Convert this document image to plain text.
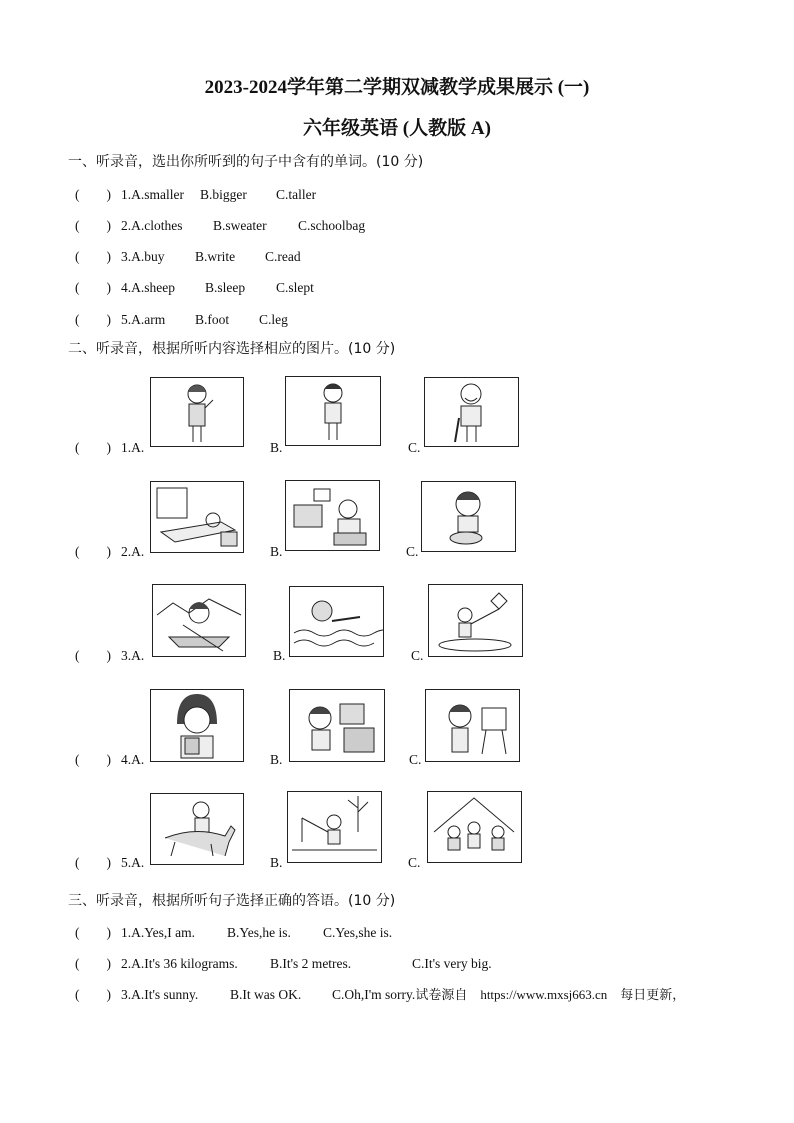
2023-2024学年第二学期双减教学成果展示 (一)
六年级英语 (人教版 A)
一、听录音，选出你所听到的句子中含有的单词。(10 分)
(　　) 1.A.smaller B.bigger C.taller
(　　) 2.A.clothes B.sweater C.schoolbag
(　　) 3.A.buy B.write C.read
(　　) 4.A.sheep B.sleep C.slept
(　　) 5.A.arm B.foot C.leg
二、听录音，根据所听内容选择相应的图片。(10 分)
(　　) 1.A.	B.	C.
(　　) 2.A.	B.	C.
(　　) 3.A.	B.	C.
(　　) 4.A.	B.	C.
(　　) 5.A.	B.	C.
三、听录音，根据所听句子选择正确的答语。(10 分)
(　　) 1.A.Yes,I am. B.Yes,he is. C.Yes,she is.
(　　) 2.A.It's 36 kilograms. B.It's 2 metres.	C.It's very big.
(　　) 3.A.It's sunny. B.It was OK. C.Oh,I'm sorry.试卷源自　https://www.mxsj663.cn　每日更新，
